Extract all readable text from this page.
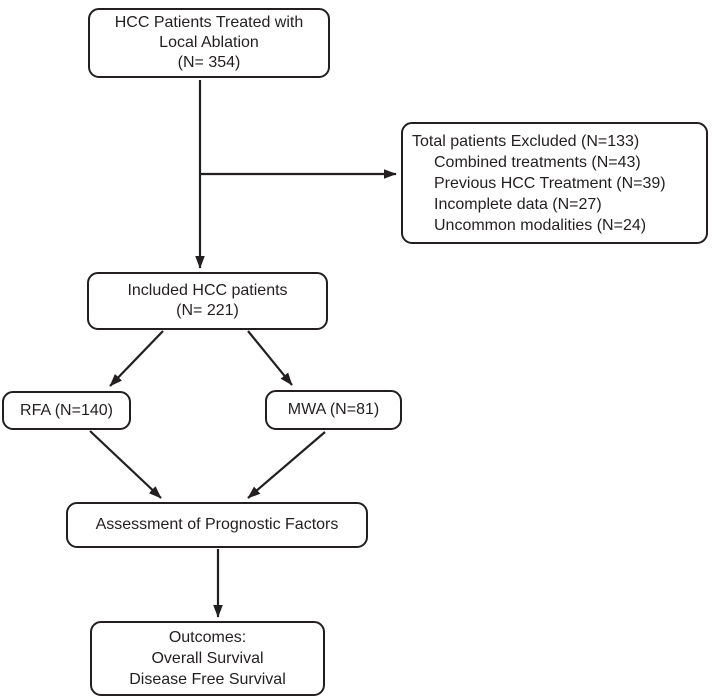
HCC Patients Treated with
Local Ablation
(N= 354)
Total patients Excluded (N=133)
Combined treatments (N=43)
Previous HCC Treatment (N=39)
Incomplete data (N=27)
Uncommon modalities (N=24)
Included HCC patients
(N= 221)
RFA (N=140)	MWA (N=81)
Assessment of Prognostic Factors
Outcomes:
Overall Survival
Disease Free Survival
